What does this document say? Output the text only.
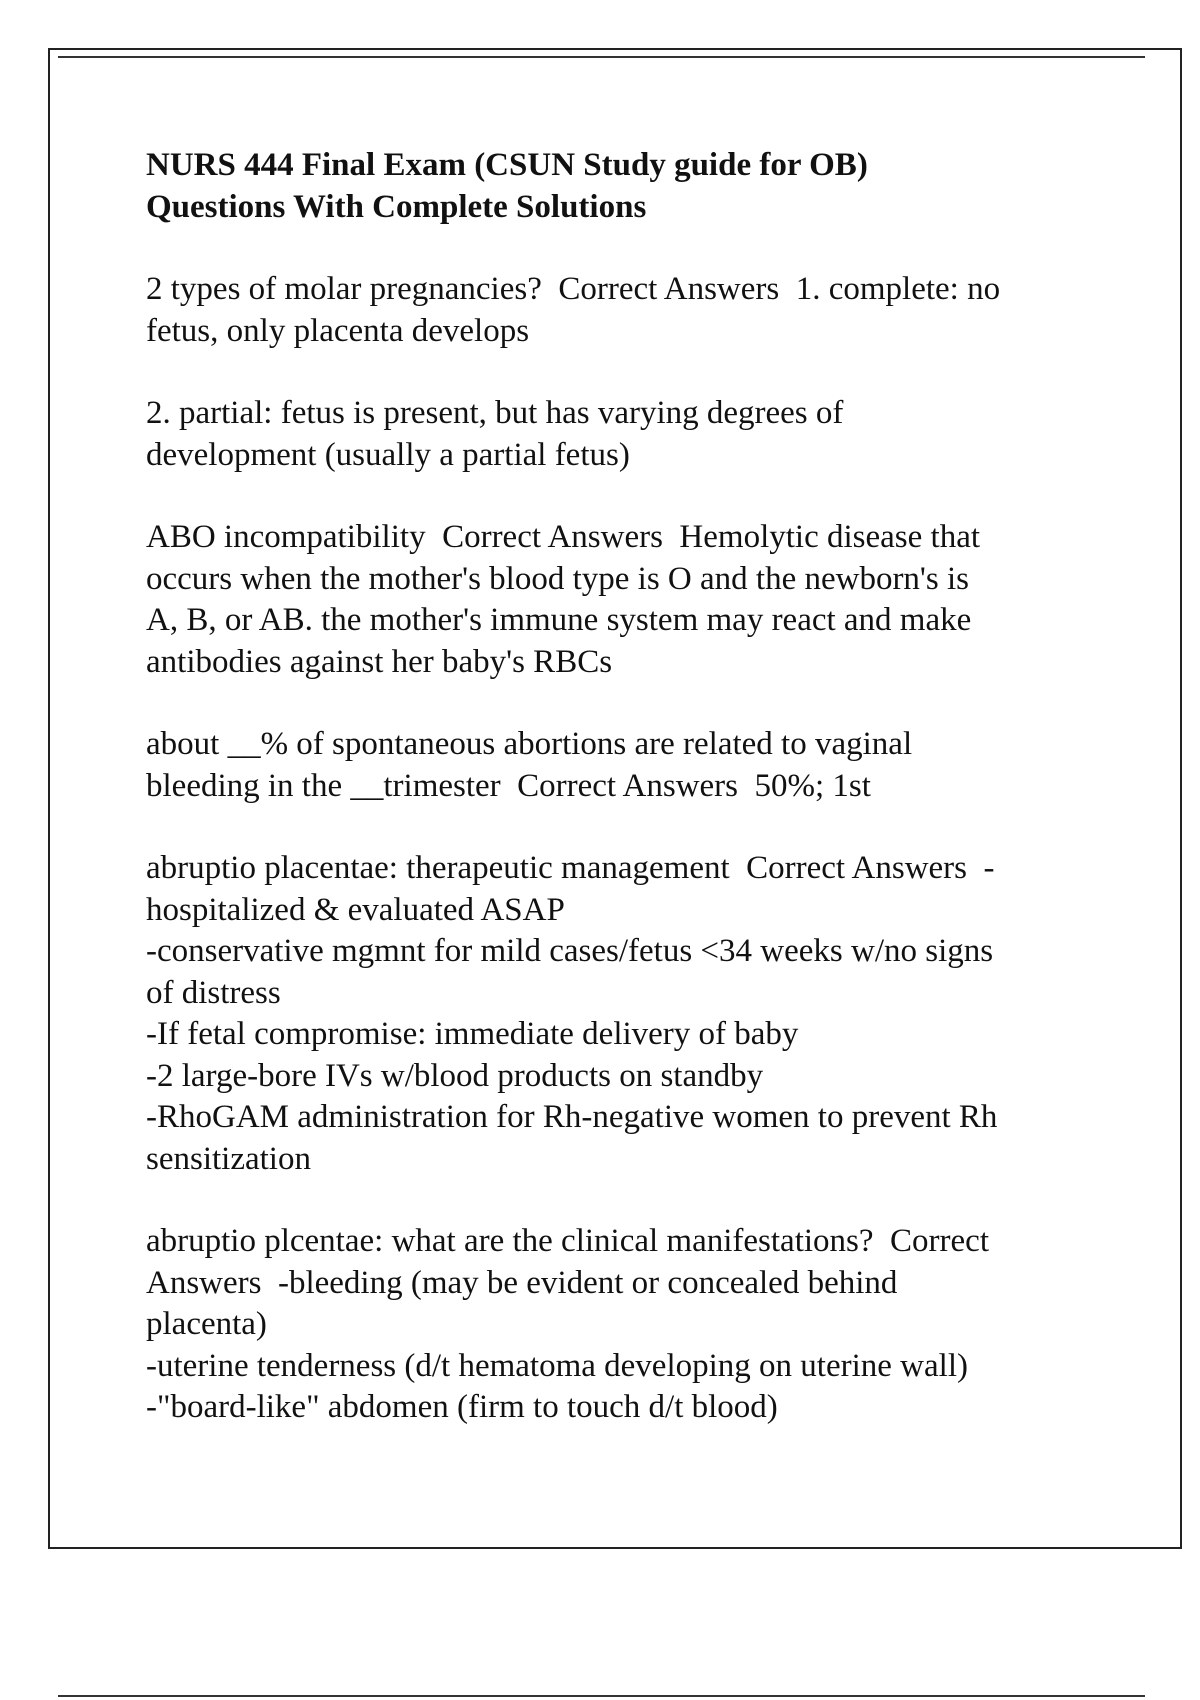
NURS 444 Final Exam (CSUN Study guide for OB)
Questions With Complete Solutions
2 types of molar pregnancies?  Correct Answers  1. complete: no
fetus, only placenta develops
2. partial: fetus is present, but has varying degrees of
development (usually a partial fetus)
ABO incompatibility  Correct Answers  Hemolytic disease that
occurs when the mother's blood type is O and the newborn's is
A, B, or AB. the mother's immune system may react and make
antibodies against her baby's RBCs
about __% of spontaneous abortions are related to vaginal
bleeding in the __trimester  Correct Answers  50%; 1st
abruptio placentae: therapeutic management  Correct Answers  -
hospitalized & evaluated ASAP
-conservative mgmnt for mild cases/fetus <34 weeks w/no signs
of distress
-If fetal compromise: immediate delivery of baby
-2 large-bore IVs w/blood products on standby
-RhoGAM administration for Rh-negative women to prevent Rh
sensitization
abruptio plcentae: what are the clinical manifestations?  Correct
Answers  -bleeding (may be evident or concealed behind
placenta)
-uterine tenderness (d/t hematoma developing on uterine wall)
-"board-like" abdomen (firm to touch d/t blood)
